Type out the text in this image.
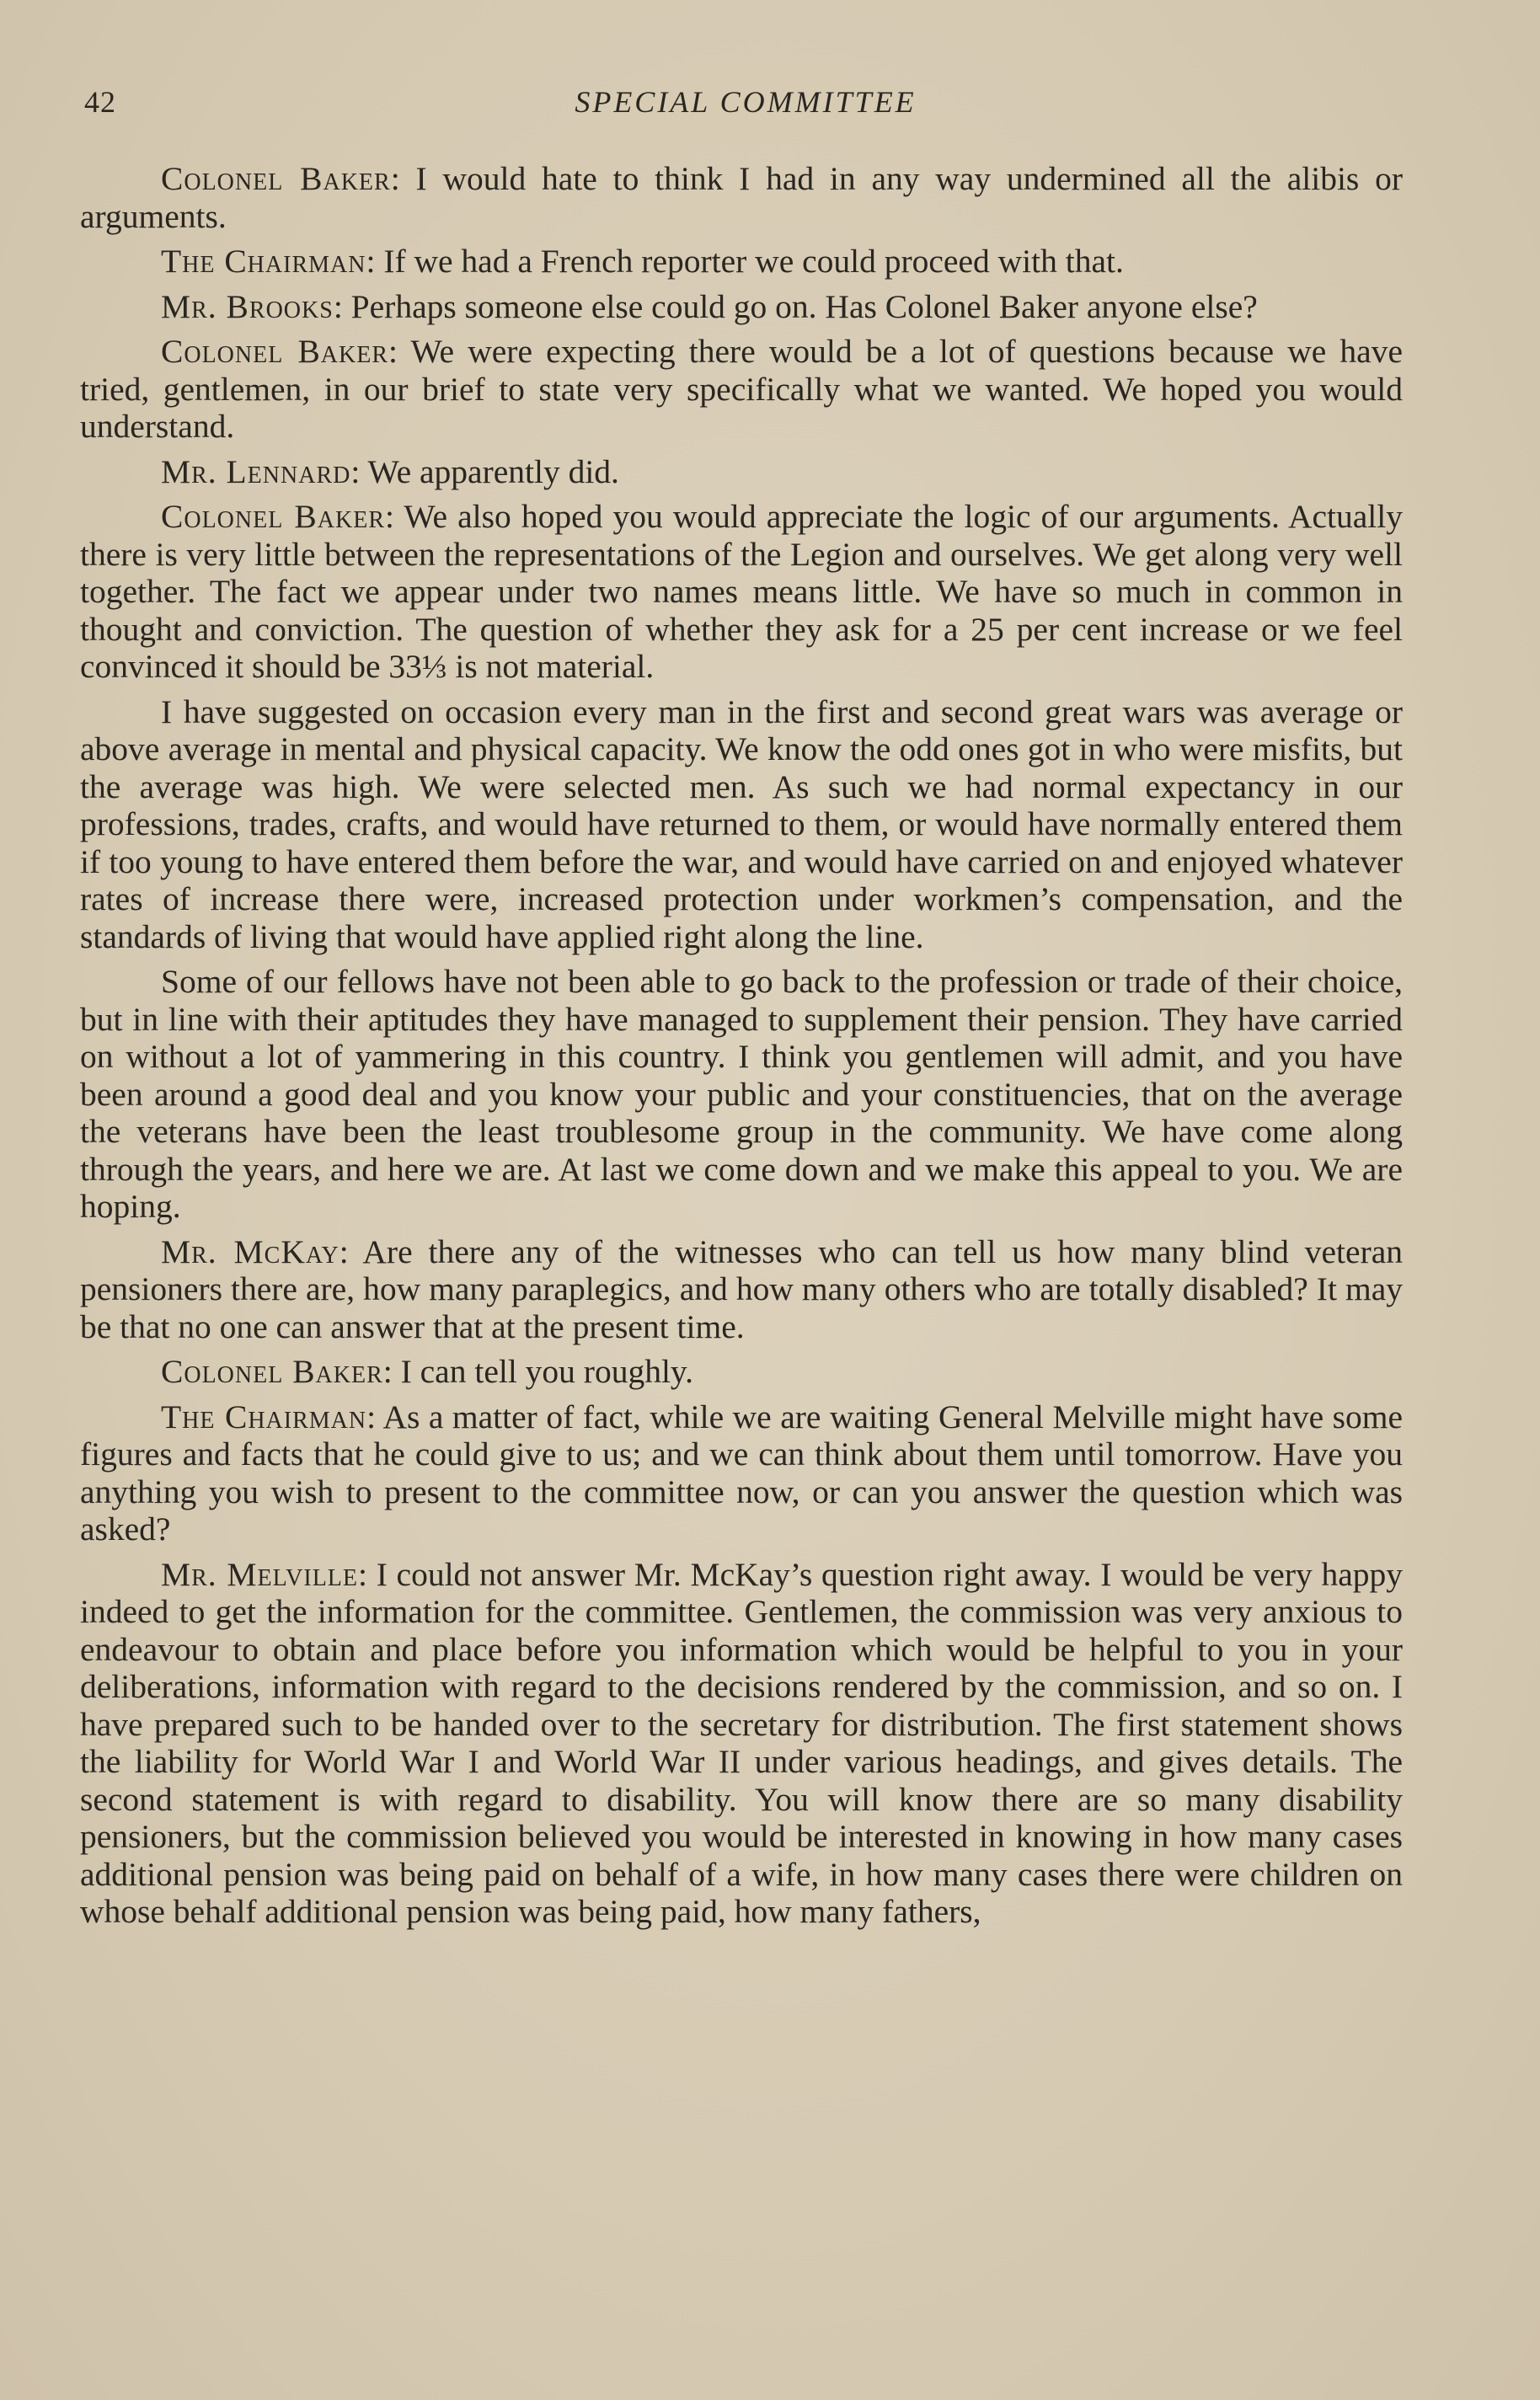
42	SPECIAL COMMITTEE

Colonel Baker: I would hate to think I had in any way undermined all the alibis or arguments.

The Chairman: If we had a French reporter we could proceed with that.

Mr. Brooks: Perhaps someone else could go on. Has Colonel Baker anyone else?

Colonel Baker: We were expecting there would be a lot of questions because we have tried, gentlemen, in our brief to state very specifically what we wanted. We hoped you would understand.

Mr. Lennard: We apparently did.

Colonel Baker: We also hoped you would appreciate the logic of our arguments. Actually there is very little between the representations of the Legion and ourselves. We get along very well together. The fact we appear under two names means little. We have so much in common in thought and conviction. The question of whether they ask for a 25 per cent increase or we feel convinced it should be 33⅓ is not material.

I have suggested on occasion every man in the first and second great wars was average or above average in mental and physical capacity. We know the odd ones got in who were misfits, but the average was high. We were selected men. As such we had normal expectancy in our professions, trades, crafts, and would have returned to them, or would have normally entered them if too young to have entered them before the war, and would have carried on and enjoyed whatever rates of increase there were, increased protection under workmen’s compensation, and the standards of living that would have applied right along the line.

Some of our fellows have not been able to go back to the profession or trade of their choice, but in line with their aptitudes they have managed to supplement their pension. They have carried on without a lot of yammering in this country. I think you gentlemen will admit, and you have been around a good deal and you know your public and your constituencies, that on the average the veterans have been the least troublesome group in the community. We have come along through the years, and here we are. At last we come down and we make this appeal to you. We are hoping.

Mr. McKay: Are there any of the witnesses who can tell us how many blind veteran pensioners there are, how many paraplegics, and how many others who are totally disabled? It may be that no one can answer that at the present time.

Colonel Baker: I can tell you roughly.

The Chairman: As a matter of fact, while we are waiting General Melville might have some figures and facts that he could give to us; and we can think about them until tomorrow. Have you anything you wish to present to the committee now, or can you answer the question which was asked?

Mr. Melville: I could not answer Mr. McKay’s question right away. I would be very happy indeed to get the information for the committee. Gentlemen, the commission was very anxious to endeavour to obtain and place before you information which would be helpful to you in your deliberations, information with regard to the decisions rendered by the commission, and so on. I have prepared such to be handed over to the secretary for distribution. The first statement shows the liability for World War I and World War II under various headings, and gives details. The second statement is with regard to disability. You will know there are so many disability pensioners, but the commission believed you would be interested in knowing in how many cases additional pension was being paid on behalf of a wife, in how many cases there were children on whose behalf additional pension was being paid, how many fathers,
